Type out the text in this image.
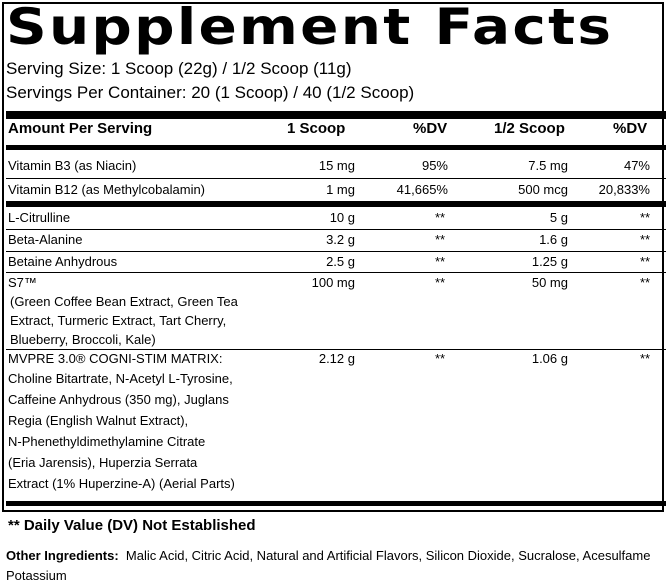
Supplement Facts
Serving Size: 1 Scoop (22g) / 1/2 Scoop (11g)
Servings Per Container: 20 (1 Scoop) / 40 (1/2 Scoop)
Amount Per Serving	1 Scoop	%DV	1/2 Scoop	%DV
Vitamin B3 (as Niacin)	15 mg	95%	7.5 mg	47%
Vitamin B12 (as Methylcobalamin)	1 mg	41,665%	500 mcg	20,833%
L-Citrulline	10 g	**	5 g	**
Beta-Alanine	3.2 g	**	1.6 g	**
Betaine Anhydrous	2.5 g	**	1.25 g	**
S7™	100 mg	**	50 mg	**
(Green Coffee Bean Extract, Green Tea
Extract, Turmeric Extract, Tart Cherry,
Blueberry, Broccoli, Kale)
MVPRE 3.0® COGNI-STIM MATRIX:	2.12 g	**	1.06 g	**
Choline Bitartrate, N-Acetyl L-Tyrosine,
Caffeine Anhydrous (350 mg), Juglans
Regia (English Walnut Extract),
N-Phenethyldimethylamine Citrate
(Eria Jarensis), Huperzia Serrata
Extract (1% Huperzine-A) (Aerial Parts)
** Daily Value (DV) Not Established
Other Ingredients: Malic Acid, Citric Acid, Natural and Artificial Flavors, Silicon Dioxide, Sucralose, Acesulfame Potassium
